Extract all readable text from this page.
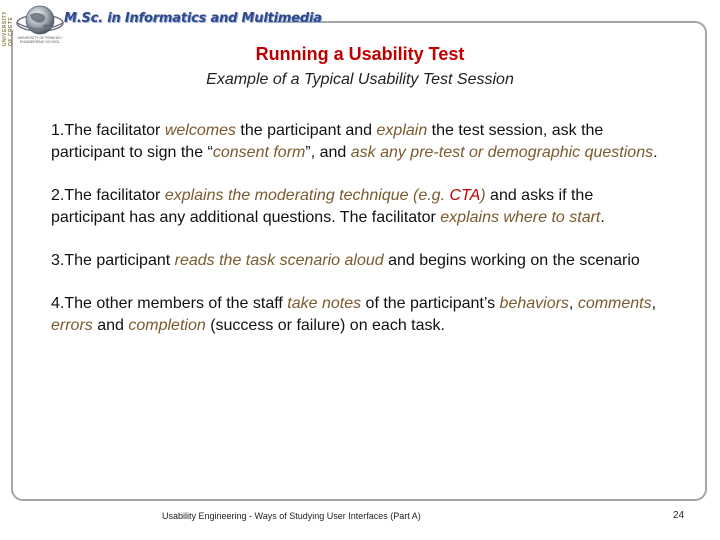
UNIVERSITY OF CRETE UNIVERSITY OF PIRAEUS / ENGINEERING SCHOOL
M.Sc. in Informatics and Multimedia
Running a Usability Test
Example of a Typical Usability Test Session
1.The facilitator welcomes the participant and explain the test session, ask the participant to sign the “consent form”, and ask any pre-test or demographic questions.
2.The facilitator explains the moderating technique (e.g. CTA) and asks if the participant has any additional questions. The facilitator explains where to start.
3.The participant reads the task scenario aloud and begins working on the scenario
4.The other members of the staff take notes of the participant’s behaviors, comments, errors and completion (success or failure) on each task.
Usability Engineering - Ways of Studying User Interfaces (Part A)	24
